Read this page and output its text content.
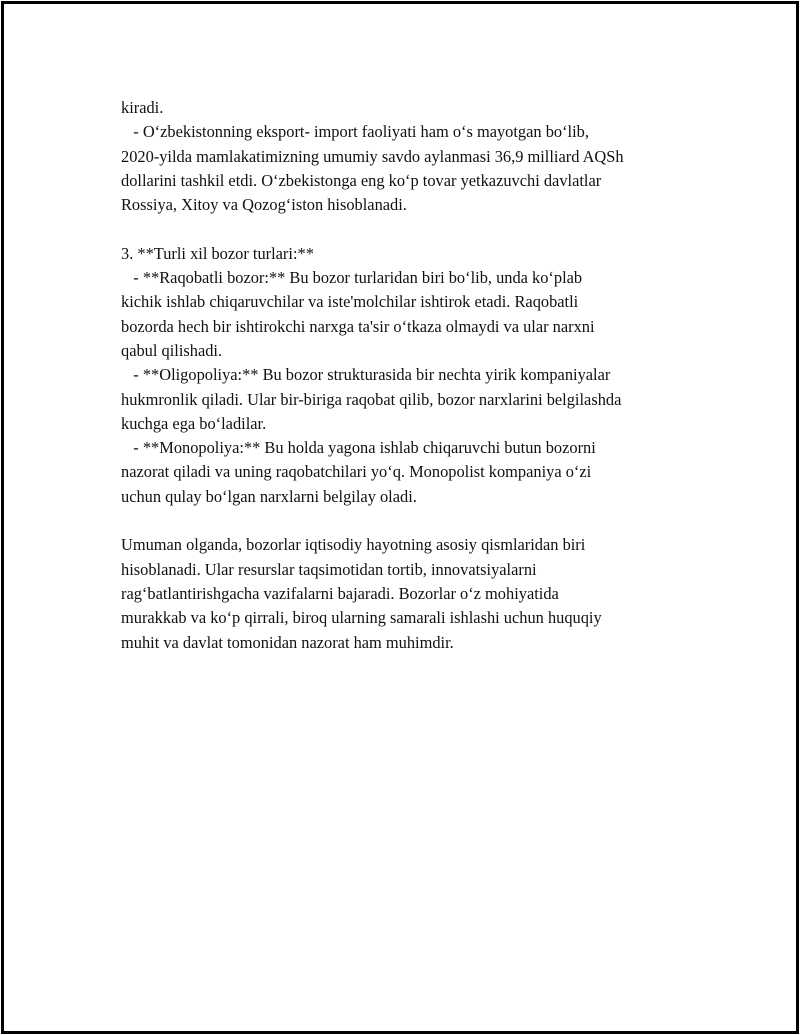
kiradi.
- O‘zbekistonning eksport- import faoliyati ham o‘s mayotgan bo‘lib,
2020-yilda mamlakatimizning umumiy savdo aylanmasi 36,9 milliard AQSh
dollarini tashkil etdi. O‘zbekistonga eng ko‘p tovar yetkazuvchi davlatlar
Rossiya, Xitoy va Qozog‘iston hisoblanadi.
3. **Turli xil bozor turlari:**
- **Raqobatli bozor:** Bu bozor turlaridan biri bo‘lib, unda ko‘plab
kichik ishlab chiqaruvchilar va iste'molchilar ishtirok etadi. Raqobatli
bozorda hech bir ishtirokchi narxga ta'sir o‘tkaza olmaydi va ular narxni
qabul qilishadi.
- **Oligopoliya:** Bu bozor strukturasida bir nechta yirik kompaniyalar
hukmronlik qiladi. Ular bir-biriga raqobat qilib, bozor narxlarini belgilashda
kuchga ega bo‘ladilar.
- **Monopoliya:** Bu holda yagona ishlab chiqaruvchi butun bozorni
nazorat qiladi va uning raqobatchilari yo‘q. Monopolist kompaniya o‘zi
uchun qulay bo‘lgan narxlarni belgilay oladi.
Umuman olganda, bozorlar iqtisodiy hayotning asosiy qismlaridan biri
hisoblanadi. Ular resurslar taqsimotidan tortib, innovatsiyalarni
rag‘batlantirishgacha vazifalarni bajaradi. Bozorlar o‘z mohiyatida
murakkab va ko‘p qirrali, biroq ularning samarali ishlashi uchun huquqiy
muhit va davlat tomonidan nazorat ham muhimdir.
